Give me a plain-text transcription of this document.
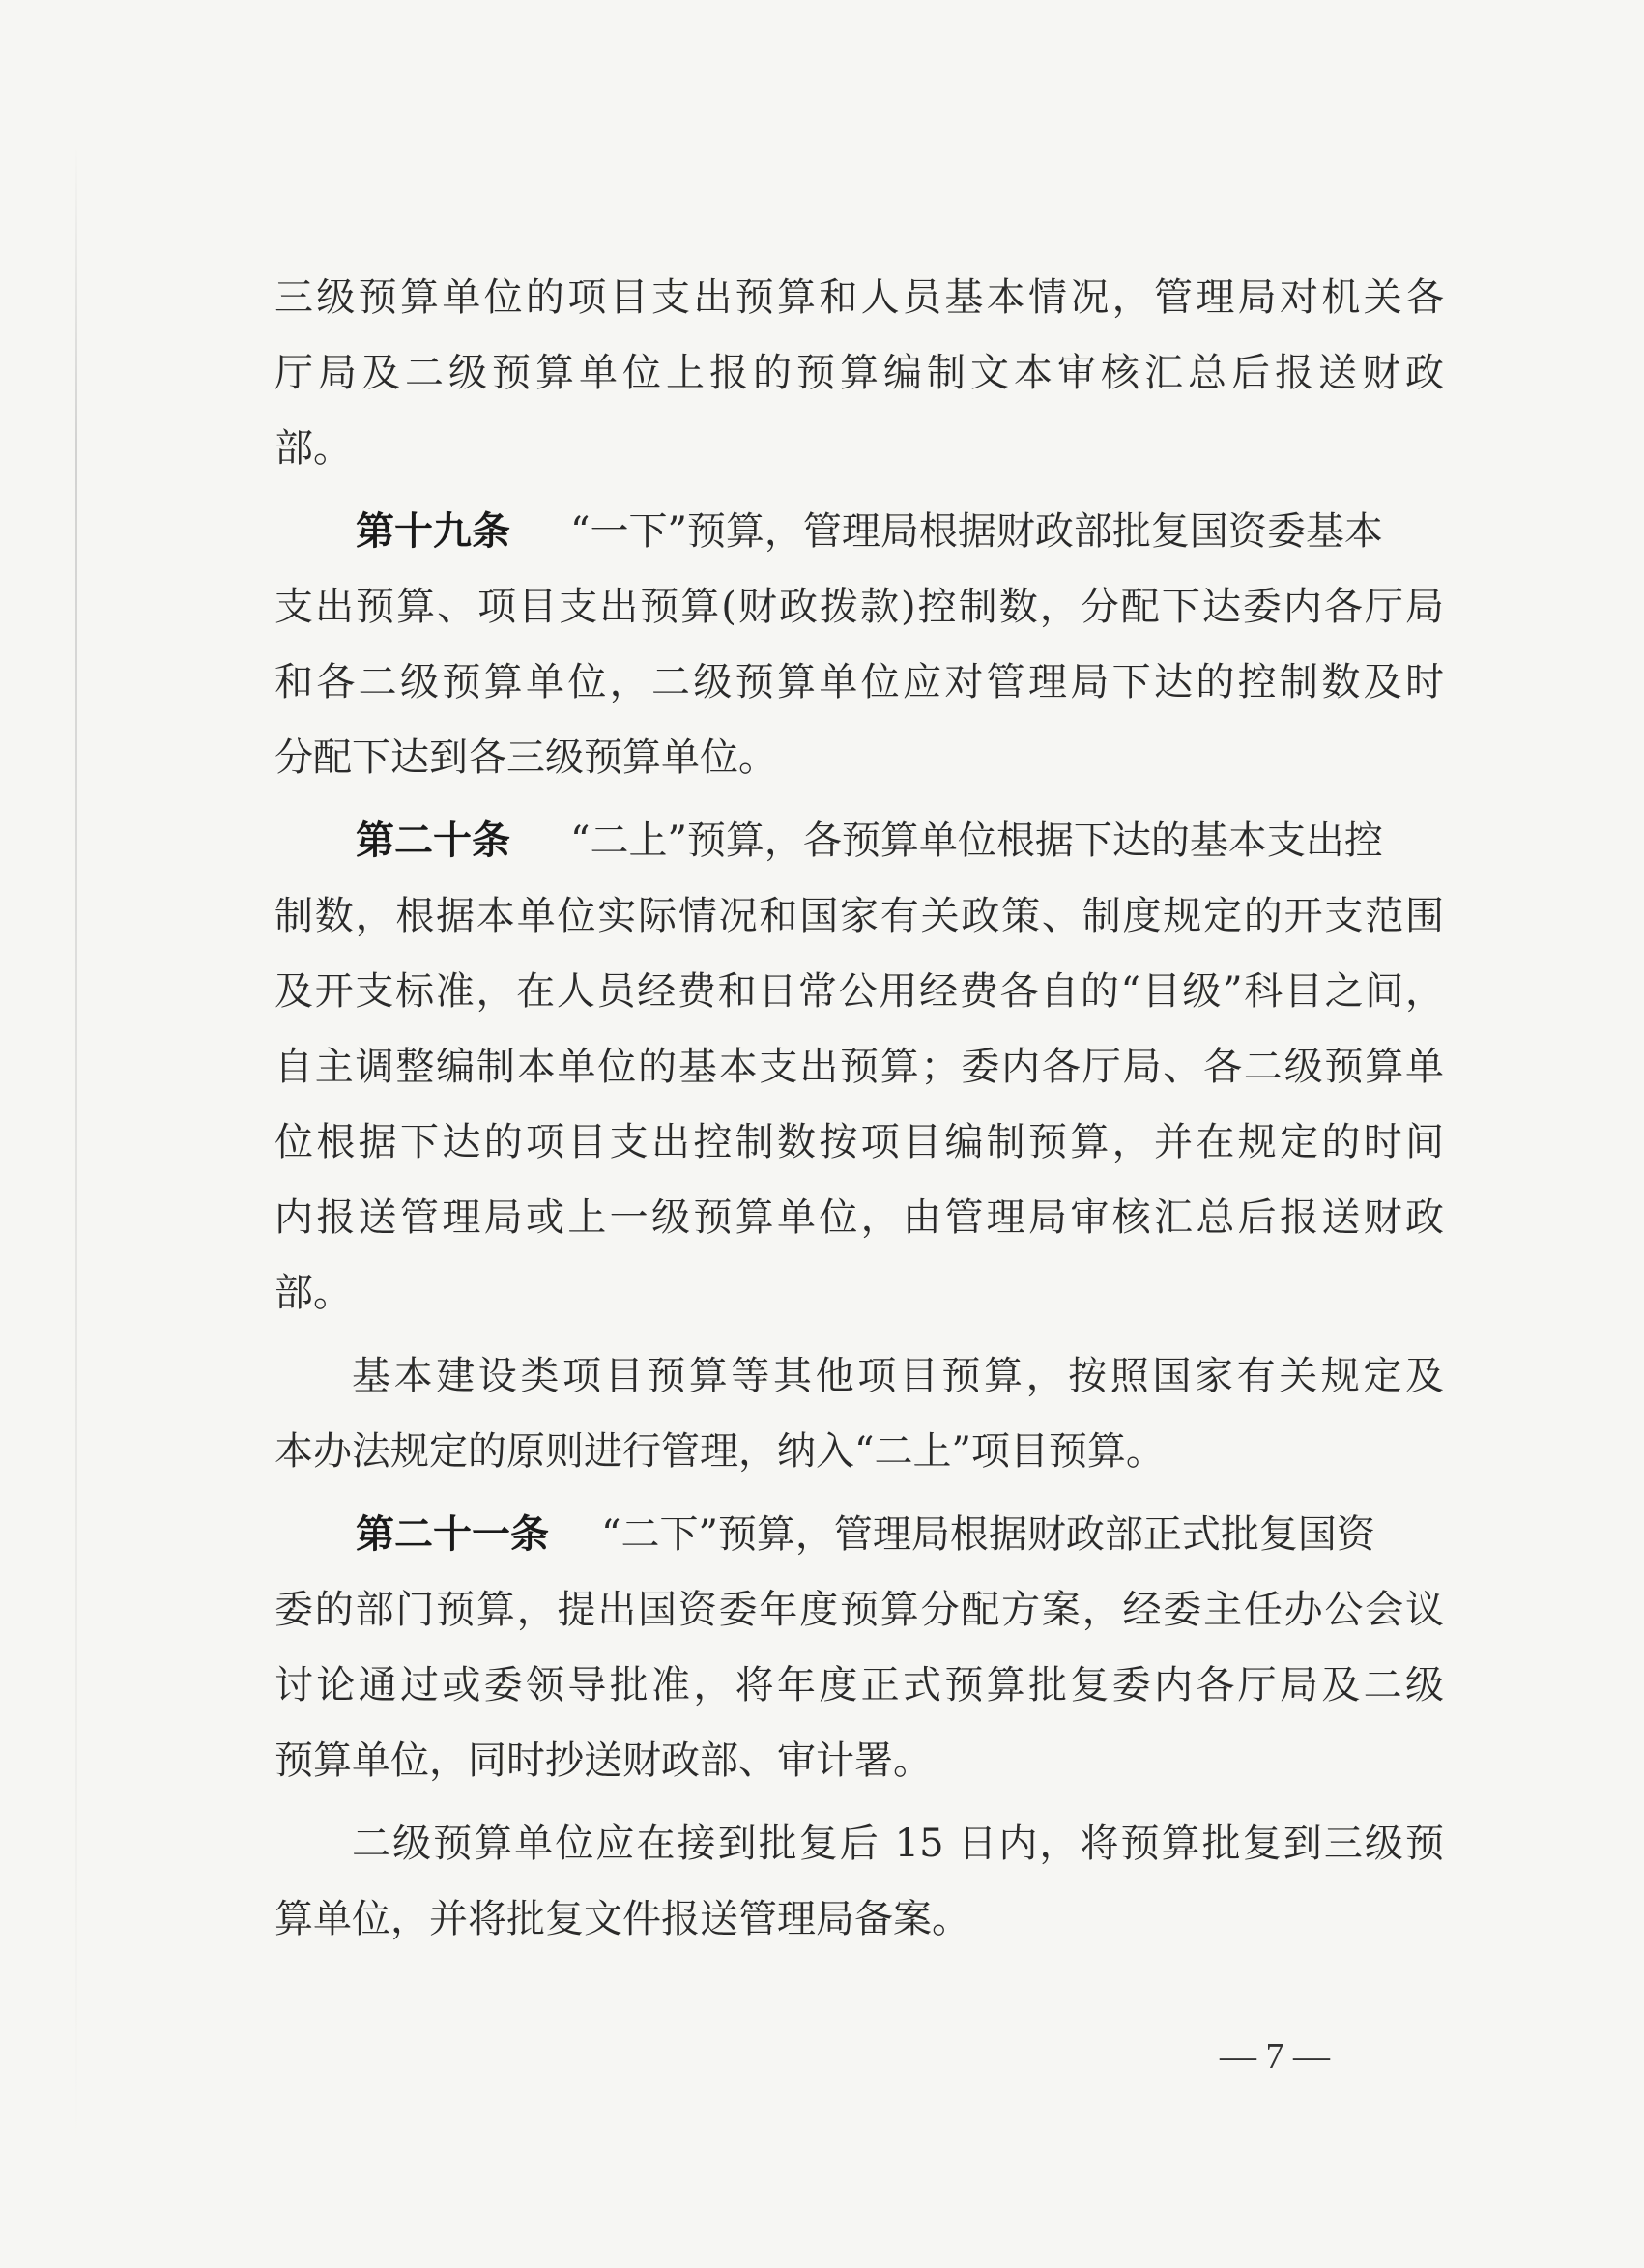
三级预算单位的项目支出预算和人员基本情况，管理局对机关各
厅局及二级预算单位上报的预算编制文本审核汇总后报送财政
部。
第十九条 “一下”预算，管理局根据财政部批复国资委基本
支出预算、项目支出预算(财政拨款)控制数，分配下达委内各厅局
和各二级预算单位，二级预算单位应对管理局下达的控制数及时
分配下达到各三级预算单位。
第二十条 “二上”预算，各预算单位根据下达的基本支出控
制数，根据本单位实际情况和国家有关政策、制度规定的开支范围
及开支标准，在人员经费和日常公用经费各自的“目级”科目之间，
自主调整编制本单位的基本支出预算；委内各厅局、各二级预算单
位根据下达的项目支出控制数按项目编制预算，并在规定的时间
内报送管理局或上一级预算单位，由管理局审核汇总后报送财政
部。
基本建设类项目预算等其他项目预算，按照国家有关规定及
本办法规定的原则进行管理，纳入“二上”项目预算。
第二十一条 “二下”预算，管理局根据财政部正式批复国资
委的部门预算，提出国资委年度预算分配方案，经委主任办公会议
讨论通过或委领导批准，将年度正式预算批复委内各厅局及二级
预算单位，同时抄送财政部、审计署。
二级预算单位应在接到批复后 15 日内，将预算批复到三级预
算单位，并将批复文件报送管理局备案。
— 7 —
